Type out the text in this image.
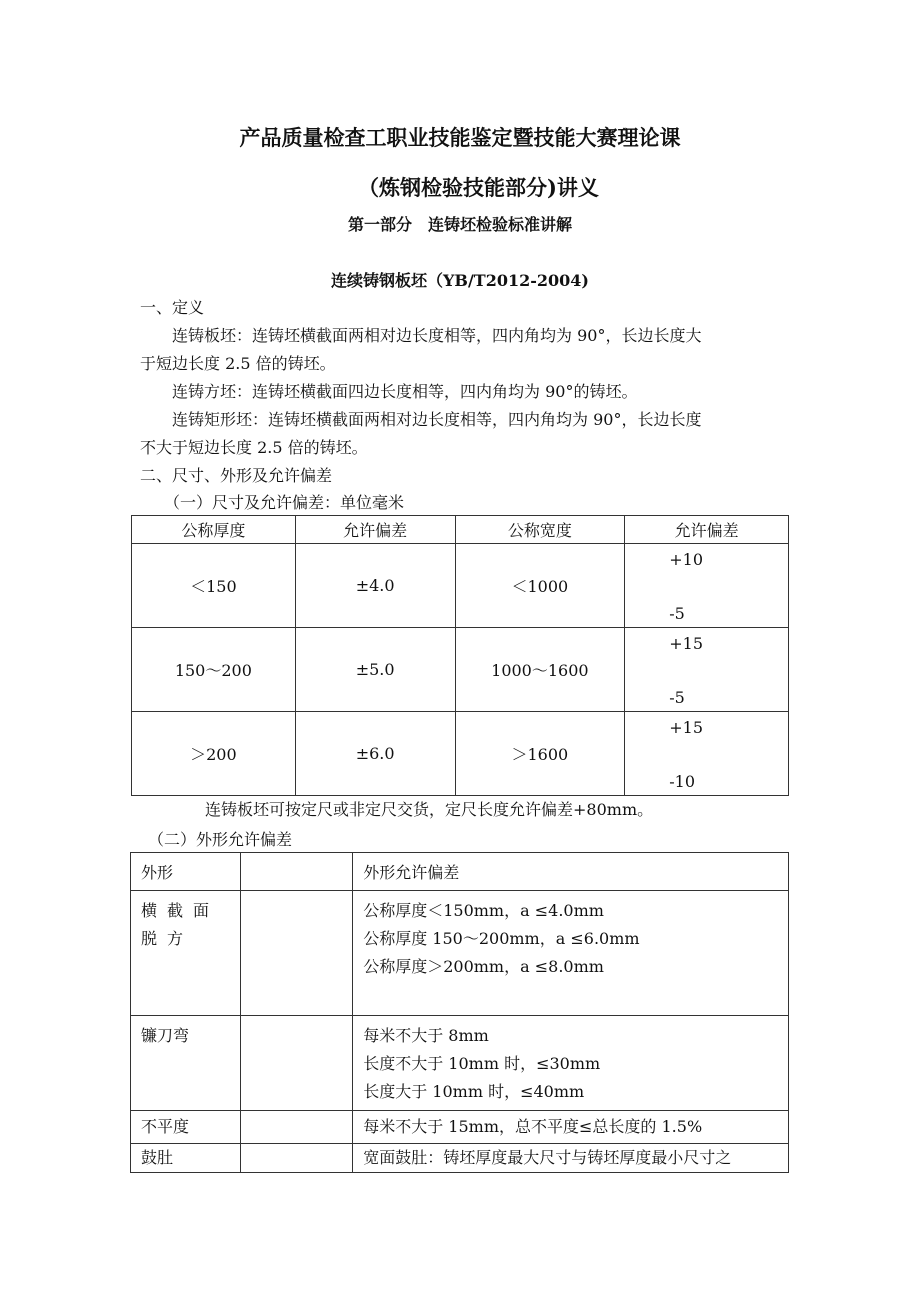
产品质量检查工职业技能鉴定暨技能大赛理论课
（炼钢检验技能部分)讲义
第一部分　连铸坯检验标准讲解
连续铸钢板坯（YB/T2012-2004)
一、定义
连铸板坯：连铸坯横截面两相对边长度相等，四内角均为 90°，长边长度大
于短边长度 2.5 倍的铸坯。
连铸方坯：连铸坯横截面四边长度相等，四内角均为 90°的铸坯。
连铸矩形坯：连铸坯横截面两相对边长度相等，四内角均为 90°，长边长度
不大于短边长度 2.5 倍的铸坯。
二、尺寸、外形及允许偏差
（一）尺寸及允许偏差：单位毫米
公称厚度	允许偏差	公称宽度	允许偏差
＜150	±4.0	＜1000	+10
-5

150～200	±5.0	1000～1600	+15
-5

＞200	±6.0	＞1600	+15
-10
连铸板坯可按定尺或非定尺交货，定尺长度允许偏差+80mm。
（二）外形允许偏差
外形		外形允许偏差
横截面脱方		公称厚度＜150mm，a ≤4.0mm
公称厚度 150～200mm，a ≤6.0mm
公称厚度＞200mm，a ≤8.0mm

镰刀弯		每米不大于 8mm
长度不大于 10mm 时，≤30mm
长度大于 10mm 时，≤40mm

不平度		每米不大于 15mm，总不平度≤总长度的 1.5%

鼓肚		宽面鼓肚：铸坯厚度最大尺寸与铸坯厚度最小尺寸之
